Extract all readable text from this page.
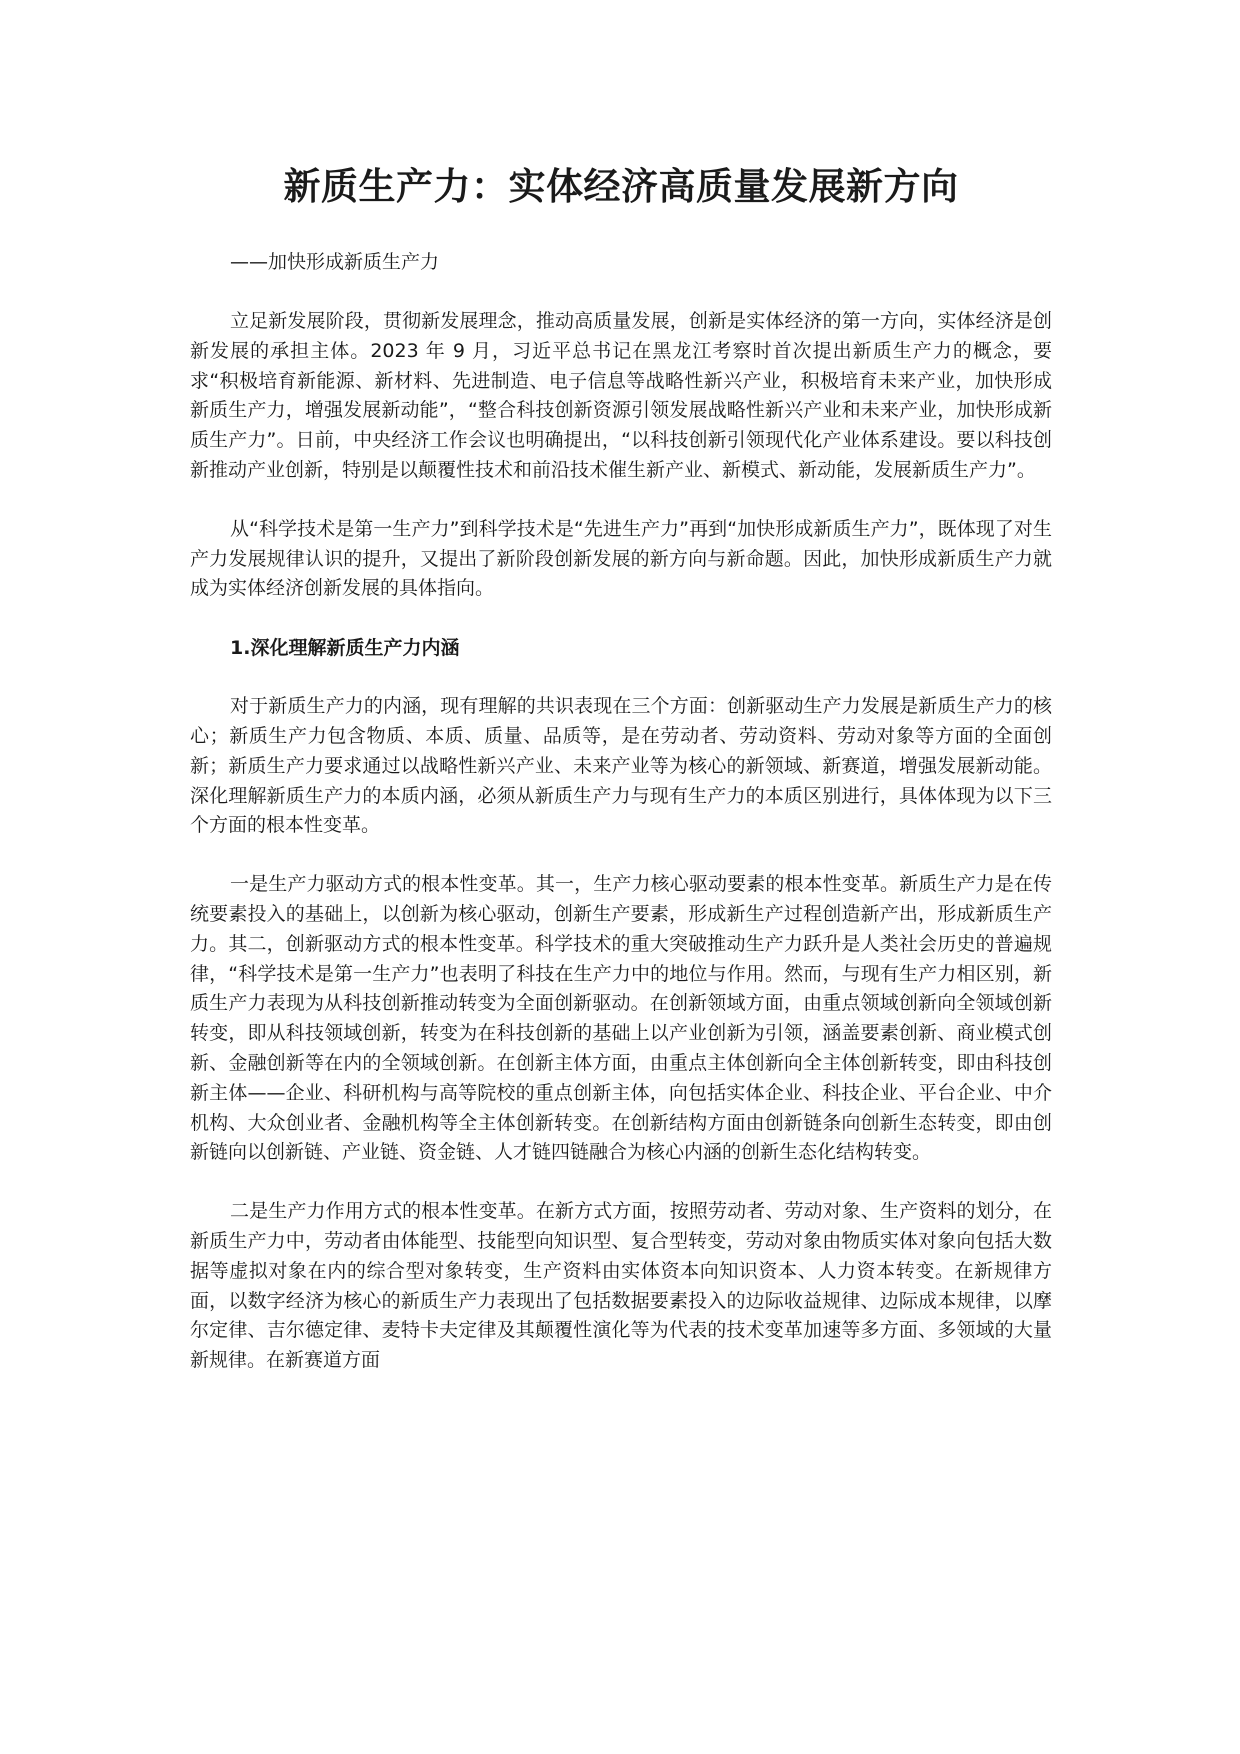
新质生产力：实体经济高质量发展新方向
——加快形成新质生产力

立足新发展阶段，贯彻新发展理念，推动高质量发展，创新是实体经济的第一方向，实体经济是创新发展的承担主体。2023 年 9 月，习近平总书记在黑龙江考察时首次提出新质生产力的概念，要求“积极培育新能源、新材料、先进制造、电子信息等战略性新兴产业，积极培育未来产业，加快形成新质生产力，增强发展新动能”，“整合科技创新资源引领发展战略性新兴产业和未来产业，加快形成新质生产力”。日前，中央经济工作会议也明确提出，“以科技创新引领现代化产业体系建设。要以科技创新推动产业创新，特别是以颠覆性技术和前沿技术催生新产业、新模式、新动能，发展新质生产力”。

从“科学技术是第一生产力”到科学技术是“先进生产力”再到“加快形成新质生产力”，既体现了对生产力发展规律认识的提升，又提出了新阶段创新发展的新方向与新命题。因此，加快形成新质生产力就成为实体经济创新发展的具体指向。

1.深化理解新质生产力内涵

对于新质生产力的内涵，现有理解的共识表现在三个方面：创新驱动生产力发展是新质生产力的核心；新质生产力包含物质、本质、质量、品质等，是在劳动者、劳动资料、劳动对象等方面的全面创新；新质生产力要求通过以战略性新兴产业、未来产业等为核心的新领域、新赛道，增强发展新动能。深化理解新质生产力的本质内涵，必须从新质生产力与现有生产力的本质区别进行，具体体现为以下三个方面的根本性变革。

一是生产力驱动方式的根本性变革。其一，生产力核心驱动要素的根本性变革。新质生产力是在传统要素投入的基础上，以创新为核心驱动，创新生产要素，形成新生产过程创造新产出，形成新质生产力。其二，创新驱动方式的根本性变革。科学技术的重大突破推动生产力跃升是人类社会历史的普遍规律，“科学技术是第一生产力”也表明了科技在生产力中的地位与作用。然而，与现有生产力相区别，新质生产力表现为从科技创新推动转变为全面创新驱动。在创新领域方面，由重点领域创新向全领域创新转变，即从科技领域创新，转变为在科技创新的基础上以产业创新为引领，涵盖要素创新、商业模式创新、金融创新等在内的全领域创新。在创新主体方面，由重点主体创新向全主体创新转变，即由科技创新主体——企业、科研机构与高等院校的重点创新主体，向包括实体企业、科技企业、平台企业、中介机构、大众创业者、金融机构等全主体创新转变。在创新结构方面由创新链条向创新生态转变，即由创新链向以创新链、产业链、资金链、人才链四链融合为核心内涵的创新生态化结构转变。

二是生产力作用方式的根本性变革。在新方式方面，按照劳动者、劳动对象、生产资料的划分，在新质生产力中，劳动者由体能型、技能型向知识型、复合型转变，劳动对象由物质实体对象向包括大数据等虚拟对象在内的综合型对象转变，生产资料由实体资本向知识资本、人力资本转变。在新规律方面，以数字经济为核心的新质生产力表现出了包括数据要素投入的边际收益规律、边际成本规律，以摩尔定律、吉尔德定律、麦特卡夫定律及其颠覆性演化等为代表的技术变革加速等多方面、多领域的大量新规律。在新赛道方面
